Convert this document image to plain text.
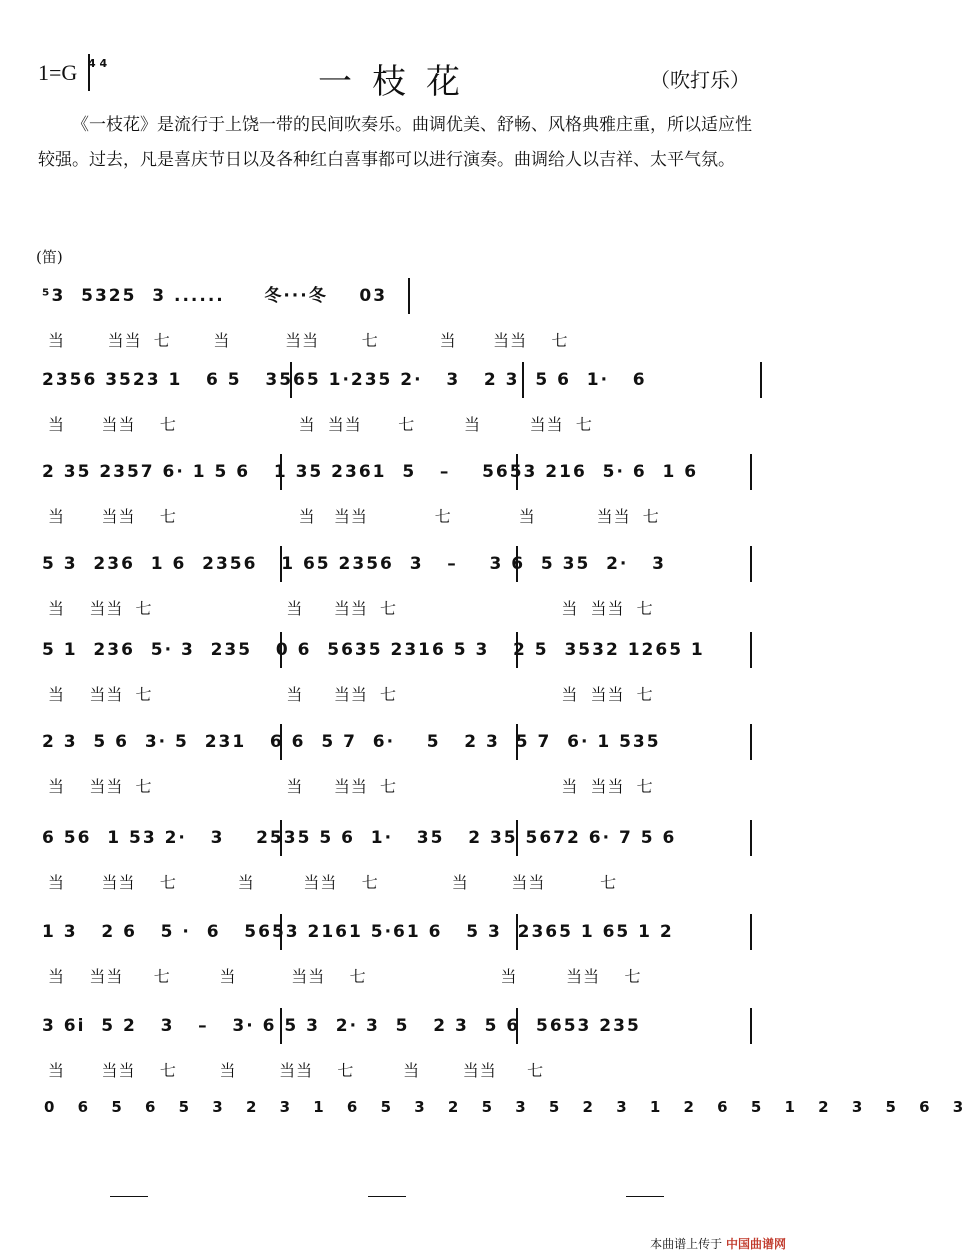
1=G 4 4	一枝花	（吹打乐）
《一枝花》是流行于上饶一带的民间吹奏乐。曲调优美、舒畅、风格典雅庄重，所以适应性较强。过去，凡是喜庆节日以及各种红白喜事都可以进行演奏。曲调给人以吉祥、太平气氛。
(笛)
⁵3  5325  3 ......     冬···冬    03
当       当当  七       当         当当       七          当      当当    七
2356 3523 1   6 5   3565 1·235 2·   3   2 3  5 6  1·   6
当      当当    七                    当  当当      七        当        当当  七
2 35 2357 6· 1 5 6   1 35 2361  5   –    5653 216  5· 6  1 6
当      当当    七                    当   当当           七           当          当当  七
5 3  236  1 6  2356   1 65 2356  3   –    3 6  5 35  2·   3
当    当当  七                      当     当当  七                           当  当当  七
5 1  236  5· 3  235   0 6  5635 2316 5 3   2 5  3532 1265 1
当    当当  七                      当     当当  七                           当  当当  七
2 3  5 6  3· 5  231   6 6  5 7  6·    5   2 3  5 7  6· 1 535
当    当当  七                      当     当当  七                           当  当当  七
6 56  1 53 2·   3    2535 5 6  1·   35   2 35 5672 6· 7 5 6
当      当当    七          当        当当    七            当       当当         七
1 3   2 6   5 ·  6   5653 2161 5·61 6   5 3  2365 1 65 1 2
当    当当     七        当         当当    七                      当        当当    七
3 6i  5 2   3   –   3· 6 5 3  2· 3  5   2 3  5 6  5653 235
当      当当    七       当       当当    七        当       当当     七
0 6 5 6 5 3 2 3 1 6 5 3 2 5 3 5 2 3 1 2 6 5 1 2 3 5 6 3
本曲谱上传于 中国曲谱网
